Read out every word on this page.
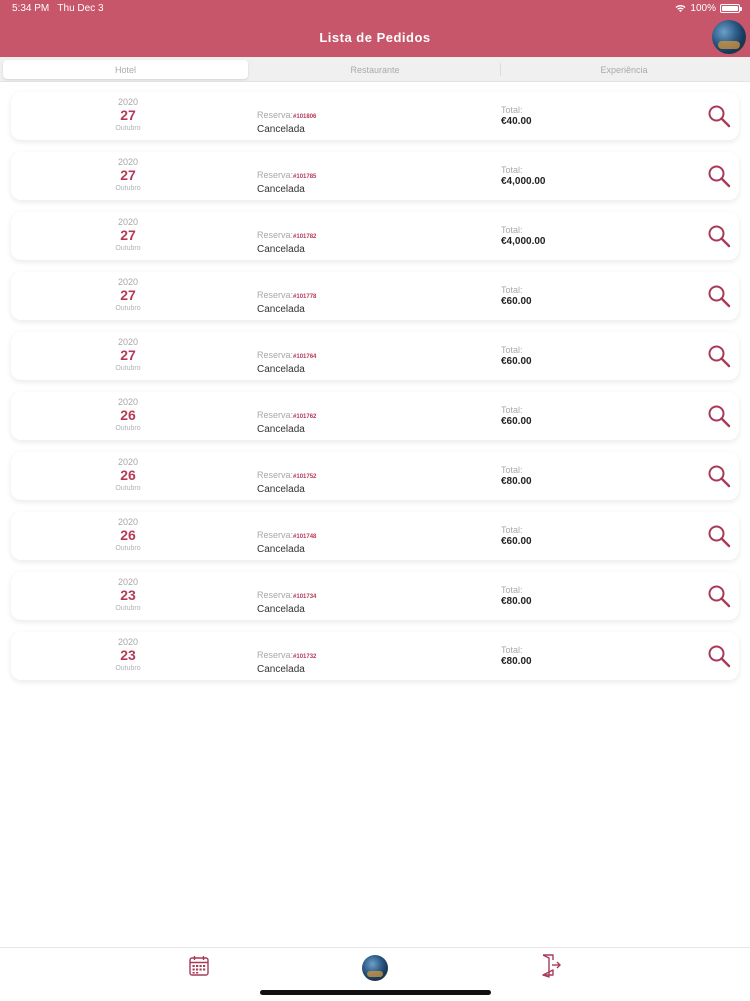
5:34 PM Thu Dec 3	100%
Lista de Pedidos
Hotel	Restaurante	Experiência
2020
27
Outubro
Reserva:#101806
Cancelada
Total:
€40.00
2020
27
Outubro
Reserva:#101785
Cancelada
Total:
€4,000.00
2020
27
Outubro
Reserva:#101782
Cancelada
Total:
€4,000.00
2020
27
Outubro
Reserva:#101778
Cancelada
Total:
€60.00
2020
27
Outubro
Reserva:#101764
Cancelada
Total:
€60.00
2020
26
Outubro
Reserva:#101762
Cancelada
Total:
€60.00
2020
26
Outubro
Reserva:#101752
Cancelada
Total:
€80.00
2020
26
Outubro
Reserva:#101748
Cancelada
Total:
€60.00
2020
23
Outubro
Reserva:#101734
Cancelada
Total:
€80.00
2020
23
Outubro
Reserva:#101732
Cancelada
Total:
€80.00
